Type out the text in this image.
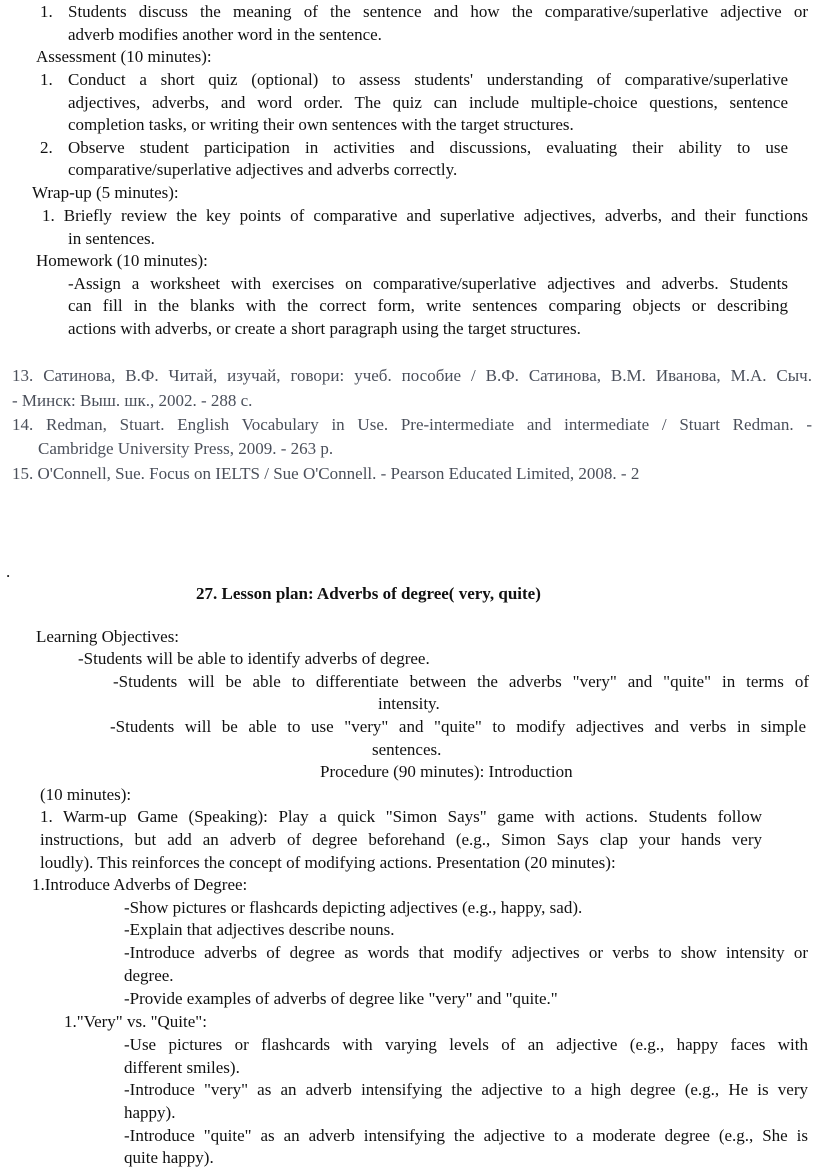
1. Students discuss the meaning of the sentence and how the comparative/superlative adjective or
adverb modifies another word in the sentence.
Assessment (10 minutes):
1. Conduct a short quiz (optional) to assess students' understanding of comparative/superlative
adjectives, adverbs, and word order. The quiz can include multiple-choice questions, sentence
completion tasks, or writing their own sentences with the target structures.
2. Observe student participation in activities and discussions, evaluating their ability to use
comparative/superlative adjectives and adverbs correctly.
Wrap-up (5 minutes):
1. Briefly review the key points of comparative and superlative adjectives, adverbs, and their functions
in sentences.
Homework (10 minutes):
-Assign a worksheet with exercises on comparative/superlative adjectives and adverbs. Students
can fill in the blanks with the correct form, write sentences comparing objects or describing
actions with adverbs, or create a short paragraph using the target structures.
13. Сатинова, В.Ф. Читай, изучай, говори: учеб. пособие / В.Ф. Сатинова, В.М. Иванова, М.А. Сыч.
- Минск: Выш. шк., 2002. - 288 с.
14. Redman, Stuart. English Vocabulary in Use. Pre-intermediate and intermediate / Stuart Redman. -
Cambridge University Press, 2009. - 263 p.
15. O'Connell, Sue. Focus on IELTS / Sue O'Connell. - Pearson Educated Limited, 2008. - 2
.
27. Lesson plan: Adverbs of degree( very, quite)
Learning Objectives:
-Students will be able to identify adverbs of degree.
-Students will be able to differentiate between the adverbs "very" and "quite" in terms of
intensity.
-Students will be able to use "very" and "quite" to modify adjectives and verbs in simple
sentences.
Procedure (90 minutes): Introduction
(10 minutes):
1. Warm-up Game (Speaking): Play a quick "Simon Says" game with actions. Students follow
instructions, but add an adverb of degree beforehand (e.g., Simon Says clap your hands very
loudly). This reinforces the concept of modifying actions. Presentation (20 minutes):
1.Introduce Adverbs of Degree:
-Show pictures or flashcards depicting adjectives (e.g., happy, sad).
-Explain that adjectives describe nouns.
-Introduce adverbs of degree as words that modify adjectives or verbs to show intensity or
degree.
-Provide examples of adverbs of degree like "very" and "quite."
1."Very" vs. "Quite":
-Use pictures or flashcards with varying levels of an adjective (e.g., happy faces with
different smiles).
-Introduce "very" as an adverb intensifying the adjective to a high degree (e.g., He is very
happy).
-Introduce "quite" as an adverb intensifying the adjective to a moderate degree (e.g., She is
quite happy).
